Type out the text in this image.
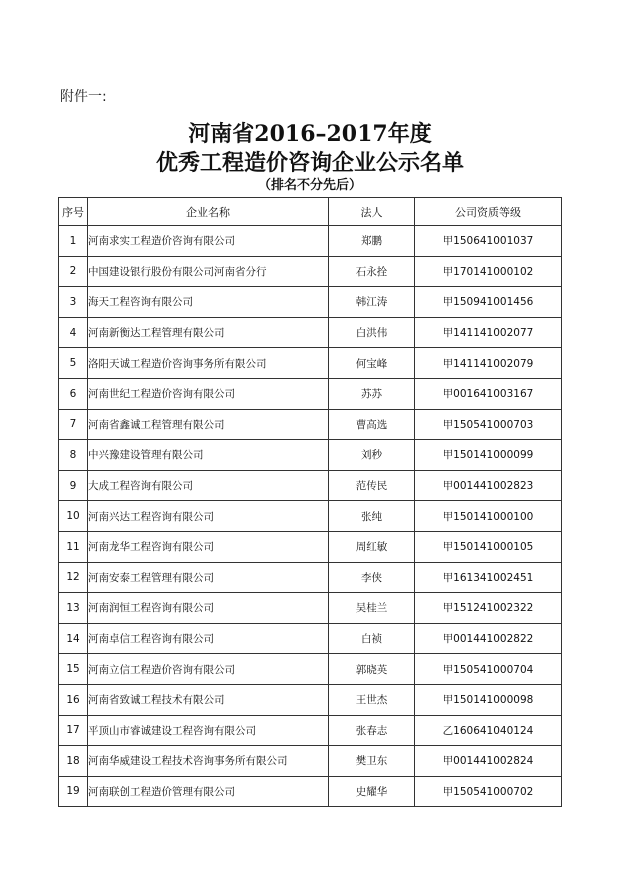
附件一:
河南省2016–2017年度
优秀工程造价咨询企业公示名单
（排名不分先后）
序号	企业名称	法人	公司资质等级
1	河南求实工程造价咨询有限公司	郑鹏	甲150641001037
2	中国建设银行股份有限公司河南省分行	石永拴	甲170141000102
3	海天工程咨询有限公司	韩江涛	甲150941001456
4	河南新衡达工程管理有限公司	白洪伟	甲141141002077
5	洛阳天诚工程造价咨询事务所有限公司	何宝峰	甲141141002079
6	河南世纪工程造价咨询有限公司	苏苏	甲001641003167
7	河南省鑫诚工程管理有限公司	曹高选	甲150541000703
8	中兴豫建设管理有限公司	刘秒	甲150141000099
9	大成工程咨询有限公司	范传民	甲001441002823
10	河南兴达工程咨询有限公司	张纯	甲150141000100
11	河南龙华工程咨询有限公司	周红敏	甲150141000105
12	河南安泰工程管理有限公司	李侠	甲161341002451
13	河南润恒工程咨询有限公司	吴桂兰	甲151241002322
14	河南卓信工程咨询有限公司	白祯	甲001441002822
15	河南立信工程造价咨询有限公司	郭晓英	甲150541000704
16	河南省致诚工程技术有限公司	王世杰	甲150141000098
17	平顶山市睿诚建设工程咨询有限公司	张春志	乙160641040124
18	河南华威建设工程技术咨询事务所有限公司	樊卫东	甲001441002824
19	河南联创工程造价管理有限公司	史耀华	甲150541000702
